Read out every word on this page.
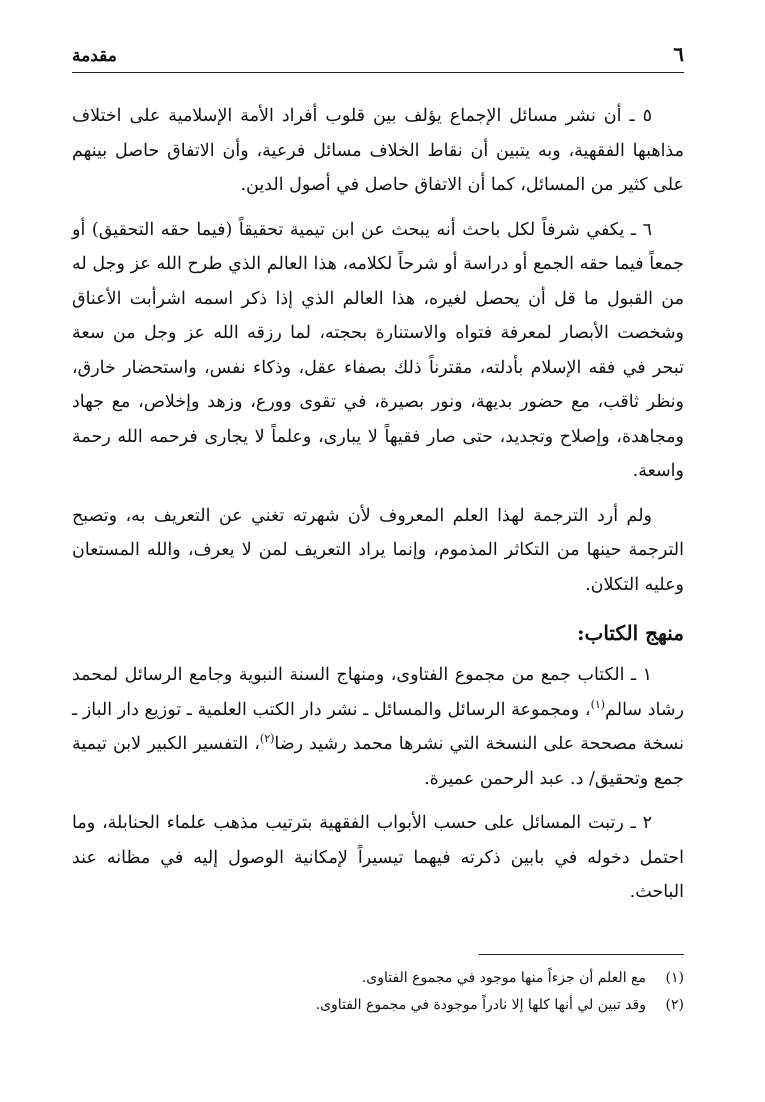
٦
مقدمة

٥ ـ أن نشر مسائل الإجماع يؤلف بين قلوب أفراد الأمة الإسلامية على اختلاف مذاهبها الفقهية، وبه يتبين أن نقاط الخلاف مسائل فرعية، وأن الاتفاق حاصل بينهم على كثير من المسائل، كما أن الاتفاق حاصل في أصول الدين.

٦ ـ يكفي شرفاً لكل باحث أنه يبحث عن ابن تيمية تحقيقاً (فيما حقه التحقيق) أو جمعاً فيما حقه الجمع أو دراسة أو شرحاً لكلامه، هذا العالم الذي طرح الله عز وجل له من القبول ما قل أن يحصل لغيره، هذا العالم الذي إذا ذكر اسمه اشرأبت الأعناق وشخصت الأبصار لمعرفة فتواه والاستنارة بحجته، لما رزقه الله عز وجل من سعة تبحر في فقه الإسلام بأدلته، مقترناً ذلك بصفاء عقل، وذكاء نفس، واستحضار خارق، ونظر ثاقب، مع حضور بديهة، ونور بصيرة، في تقوى وورع، وزهد وإخلاص، مع جهاد ومجاهدة، وإصلاح وتجديد، حتى صار فقيهاً لا يبارى، وعلماً لا يجارى فرحمه الله رحمة واسعة.

ولم أرد الترجمة لهذا العلم المعروف لأن شهرته تغني عن التعريف به، وتصبح الترجمة حينها من التكاثر المذموم، وإنما يراد التعريف لمن لا يعرف، والله المستعان وعليه التكلان.

منهج الكتاب:

١ ـ الكتاب جمع من مجموع الفتاوى، ومنهاج السنة النبوية وجامع الرسائل لمحمد رشاد سالم$^{(١)}$، ومجموعة الرسائل والمسائل ـ نشر دار الكتب العلمية ـ توزيع دار الباز ـ نسخة مصححة على النسخة التي نشرها محمد رشيد رضا$^{(٢)}$، التفسير الكبير لابن تيمية جمع وتحقيق/ د. عبد الرحمن عميرة.

٢ ـ رتبت المسائل على حسب الأبواب الفقهية بترتيب مذهب علماء الحنابلة، وما احتمل دخوله في بابين ذكرته فيهما تيسيراً لإمكانية الوصول إليه في مظانه عند الباحث.

(١)
مع العلم أن جزءاً منها موجود في مجموع الفتاوى.
(٢)
وقد تبين لي أنها كلها إلا نادراً موجودة في مجموع الفتاوى.
